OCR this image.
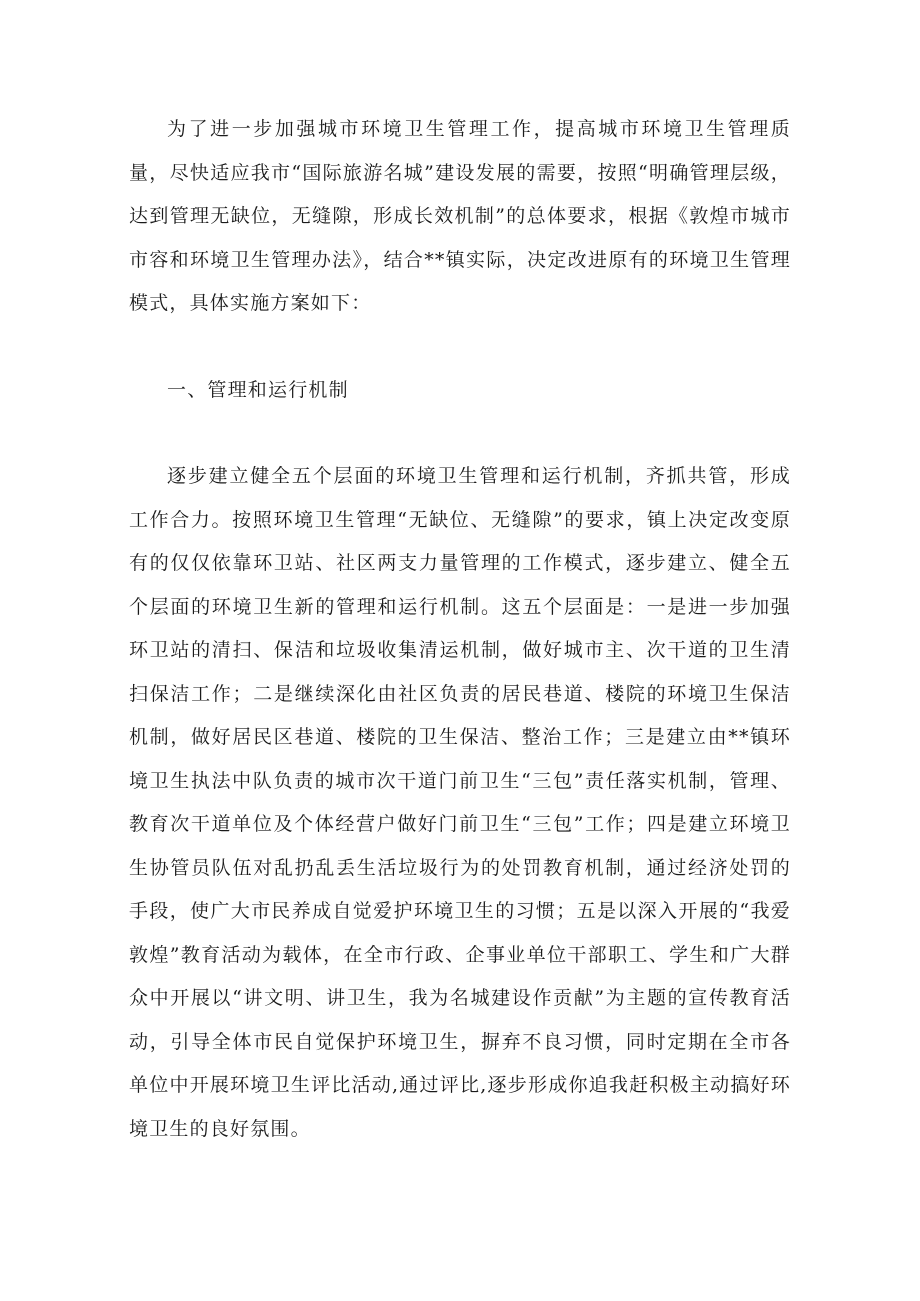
为了进一步加强城市环境卫生管理工作，提高城市环境卫生管理质量，尽快适应我市“国际旅游名城”建设发展的需要，按照“明确管理层级，达到管理无缺位，无缝隙，形成长效机制”的总体要求，根据《敦煌市城市市容和环境卫生管理办法》，结合**镇实际，决定改进原有的环境卫生管理模式，具体实施方案如下：

一、管理和运行机制

逐步建立健全五个层面的环境卫生管理和运行机制，齐抓共管，形成工作合力。按照环境卫生管理“无缺位、无缝隙”的要求，镇上决定改变原有的仅仅依靠环卫站、社区两支力量管理的工作模式，逐步建立、健全五个层面的环境卫生新的管理和运行机制。这五个层面是：一是进一步加强环卫站的清扫、保洁和垃圾收集清运机制，做好城市主、次干道的卫生清扫保洁工作；二是继续深化由社区负责的居民巷道、楼院的环境卫生保洁机制，做好居民区巷道、楼院的卫生保洁、整治工作；三是建立由**镇环境卫生执法中队负责的城市次干道门前卫生“三包”责任落实机制，管理、教育次干道单位及个体经营户做好门前卫生“三包”工作；四是建立环境卫生协管员队伍对乱扔乱丢生活垃圾行为的处罚教育机制，通过经济处罚的手段，使广大市民养成自觉爱护环境卫生的习惯；五是以深入开展的“我爱敦煌”教育活动为载体，在全市行政、企事业单位干部职工、学生和广大群众中开展以“讲文明、讲卫生，我为名城建设作贡献”为主题的宣传教育活动，引导全体市民自觉保护环境卫生，摒弃不良习惯，同时定期在全市各单位中开展环境卫生评比活动,通过评比,逐步形成你追我赶积极主动搞好环境卫生的良好氛围。
